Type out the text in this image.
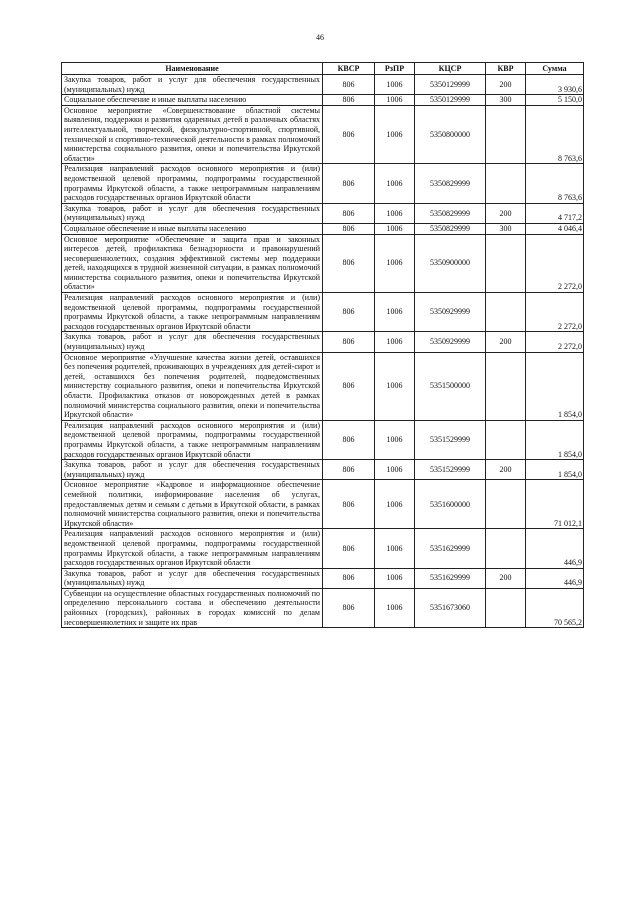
46
Наименование	КВСР	РзПР	КЦСР	КВР	Сумма
Закупка товаров, работ и услуг для обеспечения государственных (муниципальных) нужд	806	1006	5350129999	200	3 930,6
Социальное обеспечение и иные выплаты населению	806	1006	5350129999	300	5 150,0
Основное мероприятие «Совершенствование областной системы выявления, поддержки и развития одаренных детей в различных областях интеллектуальной, творческой, физкультурно-спортивной, спортивной, технической и спортивно-технической деятельности в рамках полномочий министерства социального развития, опеки и попечительства Иркутской области»	806	1006	5350800000		8 763,6
Реализация направлений расходов основного мероприятия и (или) ведомственной целевой программы, подпрограммы государственной программы Иркутской области, а также непрограммным направлениям расходов государственных органов Иркутской области	806	1006	5350829999		8 763,6
Закупка товаров, работ и услуг для обеспечения государственных (муниципальных) нужд	806	1006	5350829999	200	4 717,2
Социальное обеспечение и иные выплаты населению	806	1006	5350829999	300	4 046,4
Основное мероприятие «Обеспечение и защита прав и законных интересов детей, профилактика безнадзорности и правонарушений несовершеннолетних, создания эффективной системы мер поддержки детей, находящихся в трудной жизненной ситуации, в рамках полномочий министерства социального развития, опеки и попечительства Иркутской области»	806	1006	5350900000		2 272,0
Реализация направлений расходов основного мероприятия и (или) ведомственной целевой программы, подпрограммы государственной программы Иркутской области, а также непрограммным направлениям расходов государственных органов Иркутской области	806	1006	5350929999		2 272,0
Закупка товаров, работ и услуг для обеспечения государственных (муниципальных) нужд	806	1006	5350929999	200	2 272,0
Основное мероприятие «Улучшение качества жизни детей, оставшихся без попечения родителей, проживающих в учреждениях для детей-сирот и детей, оставшихся без попечения родителей, подведомственных министерству социального развития, опеки и попечительства Иркутской области. Профилактика отказов от новорожденных детей в рамках полномочий министерства социального развития, опеки и попечительства Иркутской области»	806	1006	5351500000		1 854,0
Реализация направлений расходов основного мероприятия и (или) ведомственной целевой программы, подпрограммы государственной программы Иркутской области, а также непрограммным направлениям расходов государственных органов Иркутской области	806	1006	5351529999		1 854,0
Закупка товаров, работ и услуг для обеспечения государственных (муниципальных) нужд	806	1006	5351529999	200	1 854,0
Основное мероприятие «Кадровое и информационное обеспечение семейной политики, информирование населения об услугах, предоставляемых детям и семьям с детьми в Иркутской области, в рамках полномочий министерства социального развития, опеки и попечительства Иркутской области»	806	1006	5351600000		71 012,1
Реализация направлений расходов основного мероприятия и (или) ведомственной целевой программы, подпрограммы государственной программы Иркутской области, а также непрограммным направлениям расходов государственных органов Иркутской области	806	1006	5351629999		446,9
Закупка товаров, работ и услуг для обеспечения государственных (муниципальных) нужд	806	1006	5351629999	200	446,9
Субвенции на осуществление областных государственных полномочий по определению персонального состава и обеспечению деятельности районных (городских), районных в городах комиссий по делам несовершеннолетних и защите их прав	806	1006	5351673060		70 565,2
